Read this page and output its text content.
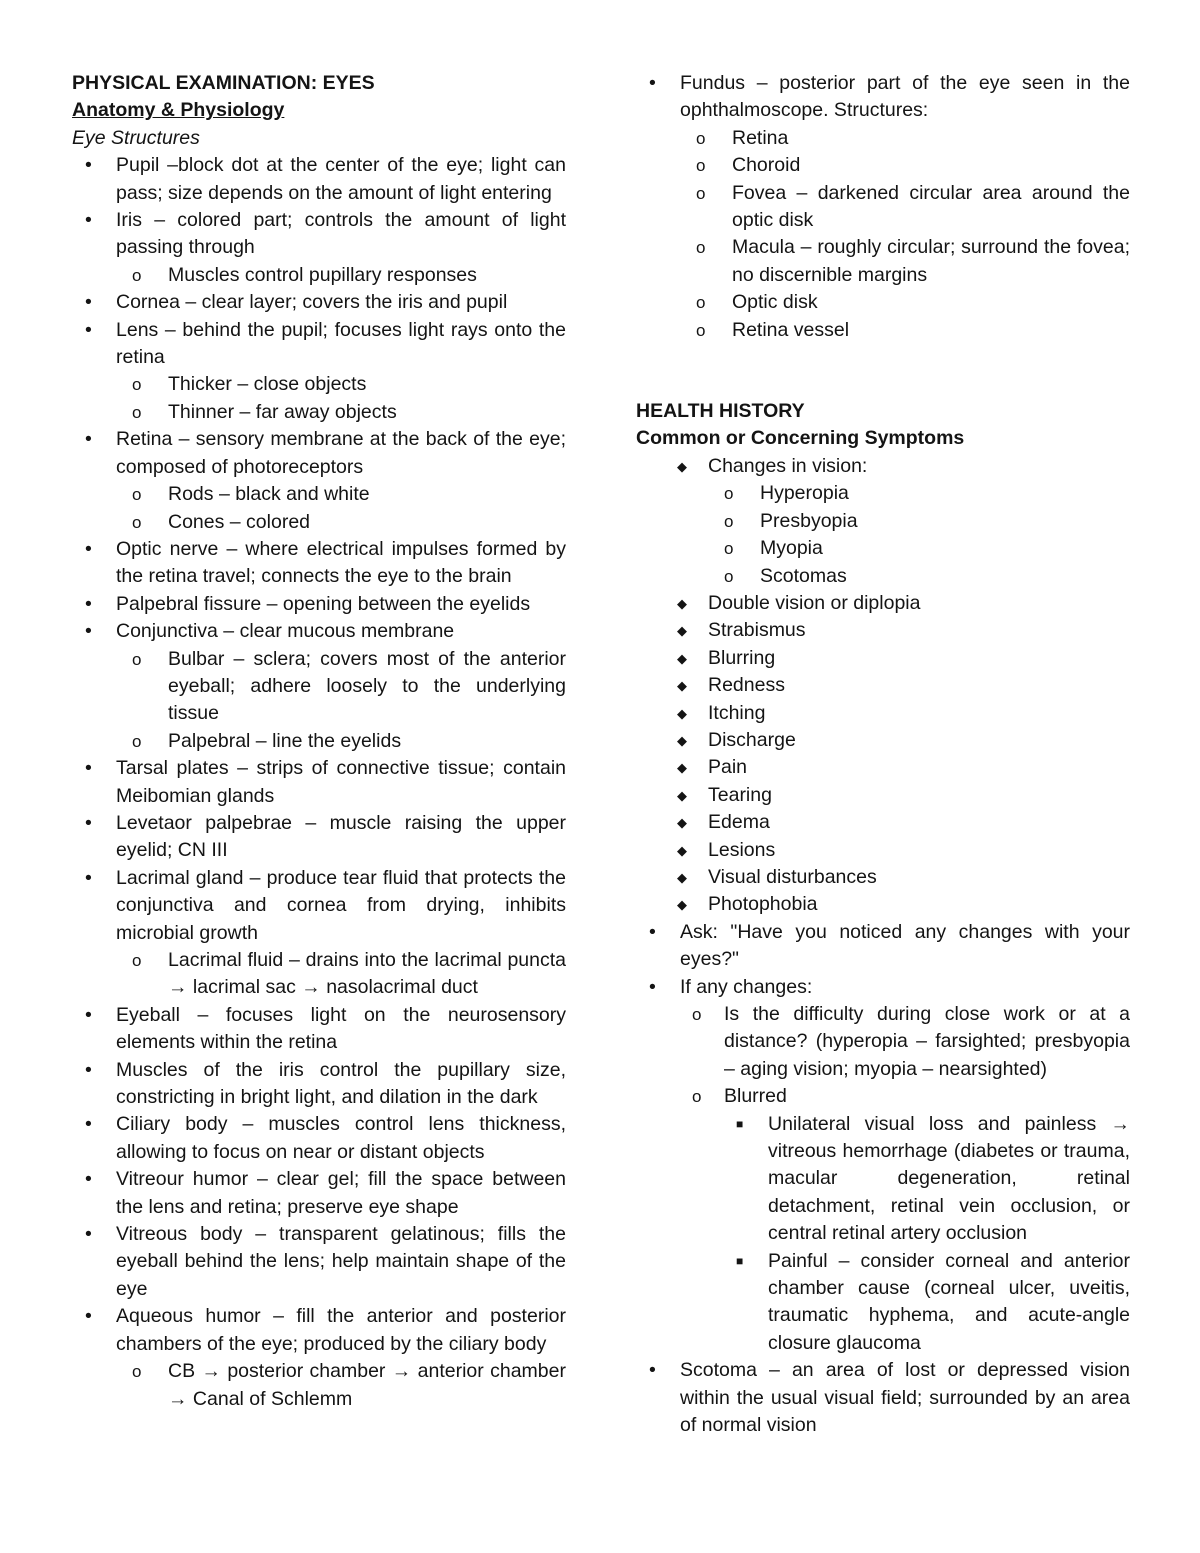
PHYSICAL EXAMINATION: EYES
Anatomy & Physiology
Eye Structures
• Pupil –block dot at the center of the eye; light can pass; size depends on the amount of light entering
• Iris – colored part; controls the amount of light passing through
o Muscles control pupillary responses
• Cornea – clear layer; covers the iris and pupil
• Lens – behind the pupil; focuses light rays onto the retina
o Thicker – close objects
o Thinner – far away objects
• Retina – sensory membrane at the back of the eye; composed of photoreceptors
o Rods – black and white
o Cones – colored
• Optic nerve – where electrical impulses formed by the retina travel; connects the eye to the brain
• Palpebral fissure – opening between the eyelids
• Conjunctiva – clear mucous membrane
o Bulbar – sclera; covers most of the anterior eyeball; adhere loosely to the underlying tissue
o Palpebral – line the eyelids
• Tarsal plates – strips of connective tissue; contain Meibomian glands
• Levetaor palpebrae – muscle raising the upper eyelid; CN III
• Lacrimal gland – produce tear fluid that protects the conjunctiva and cornea from drying, inhibits microbial growth
o Lacrimal fluid – drains into the lacrimal puncta → lacrimal sac → nasolacrimal duct
• Eyeball – focuses light on the neurosensory elements within the retina
• Muscles of the iris control the pupillary size, constricting in bright light, and dilation in the dark
• Ciliary body – muscles control lens thickness, allowing to focus on near or distant objects
• Vitreour humor – clear gel; fill the space between the lens and retina; preserve eye shape
• Vitreous body – transparent gelatinous; fills the eyeball behind the lens; help maintain shape of the eye
• Aqueous humor – fill the anterior and posterior chambers of the eye; produced by the ciliary body
o CB → posterior chamber → anterior chamber → Canal of Schlemm
• Fundus – posterior part of the eye seen in the ophthalmoscope. Structures:
o Retina
o Choroid
o Fovea – darkened circular area around the optic disk
o Macula – roughly circular; surround the fovea; no discernible margins
o Optic disk
o Retina vessel
HEALTH HISTORY
Common or Concerning Symptoms
◆ Changes in vision:
o Hyperopia
o Presbyopia
o Myopia
o Scotomas
◆ Double vision or diplopia
◆ Strabismus
◆ Blurring
◆ Redness
◆ Itching
◆ Discharge
◆ Pain
◆ Tearing
◆ Edema
◆ Lesions
◆ Visual disturbances
◆ Photophobia
• Ask: "Have you noticed any changes with your eyes?"
• If any changes:
o Is the difficulty during close work or at a distance? (hyperopia – farsighted; presbyopia – aging vision; myopia – nearsighted)
o Blurred
■ Unilateral visual loss and painless → vitreous hemorrhage (diabetes or trauma, macular degeneration, retinal detachment, retinal vein occlusion, or central retinal artery occlusion
■ Painful – consider corneal and anterior chamber cause (corneal ulcer, uveitis, traumatic hyphema, and acute-angle closure glaucoma
• Scotoma – an area of lost or depressed vision within the usual visual field; surrounded by an area of normal vision
